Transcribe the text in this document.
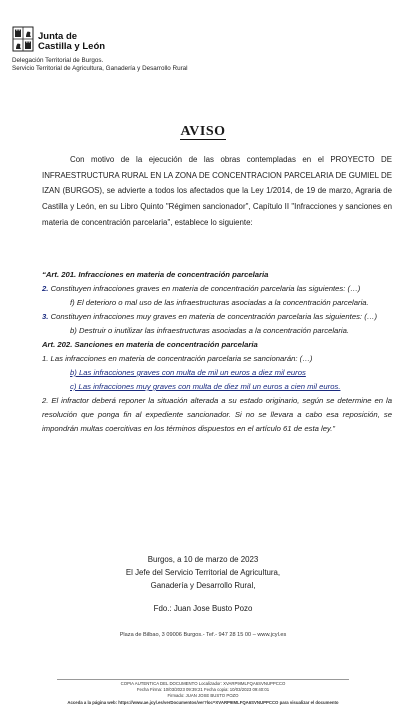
Junta de
Castilla y León
Delegación Territorial de Burgos.
Servicio Territorial de Agricultura, Ganadería y Desarrollo Rural
AVISO
Con motivo de la ejecución de las obras contempladas en el PROYECTO DE INFRAESTRUCTURA RURAL EN LA ZONA DE CONCENTRACION PARCELARIA DE GUMIEL DE IZAN (BURGOS), se advierte a todos los afectados que la Ley 1/2014, de 19 de marzo, Agraria de Castilla y León, en su Libro Quinto "Régimen sancionador", Capítulo II "Infracciones y sanciones en materia de concentración parcelaria", establece lo siguiente:

“Art. 201. Infracciones en materia de concentración parcelaria

2. Constituyen infracciones graves en materia de concentración parcelaria las siguientes: (…)

f) El deterioro o mal uso de las infraestructuras asociadas a la concentración parcelaria.

3. Constituyen infracciones muy graves en materia de concentración parcelaria las siguientes: (…)

b) Destruir o inutilizar las infraestructuras asociadas a la concentración parcelaria.

Art. 202. Sanciones en materia de concentración parcelaria

1. Las infracciones en materia de concentración parcelaria se sancionarán: (…)

b) Las infracciones graves con multa de mil un euros a diez mil euros

c) Las infracciones muy graves con multa de diez mil un euros a cien mil euros.

2. El infractor deberá reponer la situación alterada a su estado originario, según se determine en la resolución que ponga fin al expediente sancionador. Si no se llevara a cabo esa reposición, se impondrán multas coercitivas en los términos dispuestos en el artículo 61 de esta ley.”

Burgos, a 10 de marzo de 2023
El Jefe del Servicio Territorial de Agricultura,
Ganadería y Desarrollo Rural,
Fdo.: Juan Jose Busto Pozo
Plaza de Bilbao, 3 09006 Burgos.- Tef.- 947 28 15 00 – www.jcyl.es
COPIA AUTENTICA DEL DOCUMENTO Localizador: XVARP9IMLFQA6SVNUPPCCO
Fecha Firma: 10/03/2023 09:39:21 Fecha copia: 10/03/2023 09:40:01
Firmado: JUAN JOSE BUSTO POZO
Acceda a la página web: https://www.ae.jcyl.es/verDocumentos/ver?loc=XVARP9IMLFQA6SVNUPPCCO para visualizar el documento
